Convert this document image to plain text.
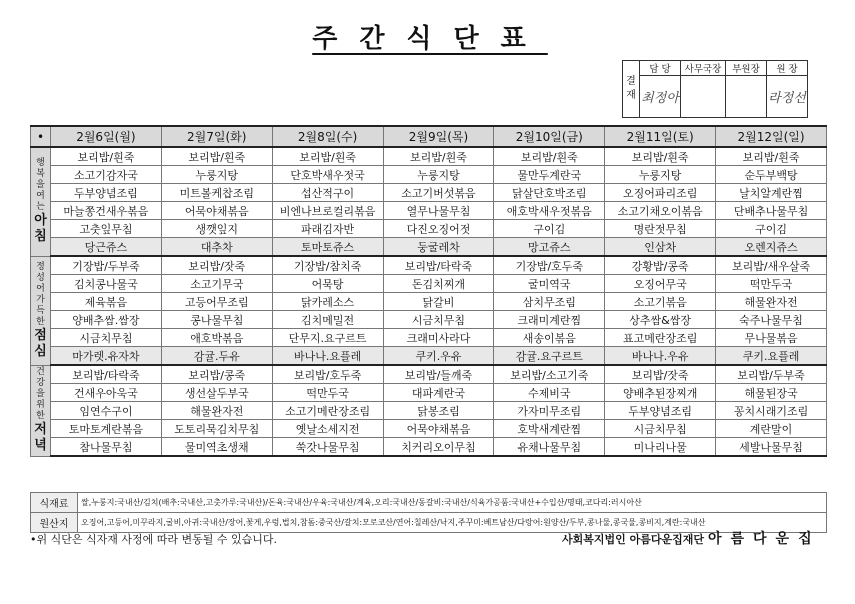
주간식단표
결재	담 당	사무국장	부원장	원 장
	최정아			라정선
•	2월6일(월)	2월7일(화)	2월8일(수)	2월9일(목)	2월10일(금)	2월11일(토)	2월12일(일)

행복을여는
아침	보리밥/흰죽	보리밥/흰죽	보리밥/흰죽	보리밥/흰죽	보리밥/흰죽	보리밥/흰죽	보리밥/흰죽
	소고기감자국	누룽지탕	단호박새우젓국	누룽지탕	물만두계란국	누룽지탕	순두부백탕
	두부양념조림	미트볼케찹조림	섭산적구이	소고기버섯볶음	닭살단호박조림	오징어파리조림	날치알계란찜
	마늘쫑건새우볶음	어묵야채볶음	비엔나브로컬리볶음	열무나물무침	애호박새우젓볶음	소고기채오이볶음	단배추나물무침
	고춧잎무침	생깻잎지	파래김자반	다진오징어젓	구이김	명란젓무침	구이김
	당근쥬스	대추차	토마토쥬스	둥굴레차	망고쥬스	인삼차	오렌지쥬스

정성어가득한
점심	기장밥/두부죽	보리밥/잣죽	기장밥/참치죽	보리밥/타락죽	기장밥/호두죽	강황밥/콩죽	보리밥/새우살죽
	김치콩나물국	소고기무국	어묵탕	돈김치찌개	굴미역국	오징어무국	떡만두국
	제육볶음	고등어무조림	닭카레소스	닭갈비	삼치무조림	소고기볶음	해물완자전
	양배추쌈.쌈장	콩나물무침	김치메밀전	시금치무침	크래미계란찜	상추쌈&쌈장	숙주나물무침
	시금치무침	애호박볶음	단무지.요구르트	크래미사라다	새송이볶음	표고메란장조림	무나물볶음
	마가렛.유자차	감귤.두유	바나나.요플레	쿠키.우유	감귤.요구르트	바나나.우유	쿠키.요플레

건강을위한
저녁	보리밥/타락죽	보리밥/콩죽	보리밥/호두죽	보리밥/들깨죽	보리밥/소고기죽	보리밥/잣죽	보리밥/두부죽
	건새우아욱국	생선살두부국	떡만두국	대파계란국	수제비국	양배추된장찌개	해물된장국
	임연수구이	해물완자전	소고기메란장조림	닭봉조림	가자미무조림	두부양념조림	꽁치시래기조림
	토마토계란볶음	도토리묵김치무침	옛날소세지전	어묵야채볶음	호박새계란찜	시금치무침	계란말이
	참나물무침	물미역초생채	쑥갓나물무침	치커리오이무침	유채나물무침	미나리나물	세발나물무침
식재료	쌀,누룽지:국내산/김치(배추:국내산,고춧가루:국내산)/돈육:국내산/우육:국내산/계육,오리:국내산/동갈비:국내산/식육가공품:국내산+수입산/명태,코다리:러시아산
원산지	오징어,고등어,미꾸라지,굴비,아귀:국내산/장어,꽃게,우렁,법치,참돔:중국산/갈치:모로코산/연어:칠레산/낙지,주꾸미:베트남산/다랑어:원양산/두부,콩나물,콩국물,콩비지,계란:국내산
•위 식단은 식자재 사정에 따라 변동될 수 있습니다.	사회복지법인 아름다운집재단 아름다운집
